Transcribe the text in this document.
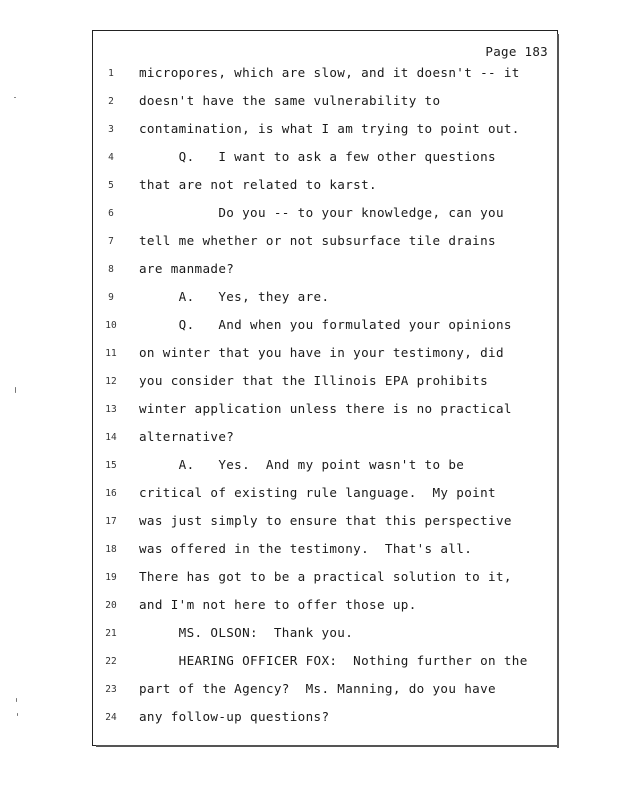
Page 183
1	micropores, which are slow, and it doesn't -- it
2	doesn't have the same vulnerability to
3	contamination, is what I am trying to point out.
4	Q.   I want to ask a few other questions
5	that are not related to karst.
6	Do you -- to your knowledge, can you
7	tell me whether or not subsurface tile drains
8	are manmade?
9	A.   Yes, they are.
10	Q.   And when you formulated your opinions
11	on winter that you have in your testimony, did
12	you consider that the Illinois EPA prohibits
13	winter application unless there is no practical
14	alternative?
15	A.   Yes.  And my point wasn't to be
16	critical of existing rule language.  My point
17	was just simply to ensure that this perspective
18	was offered in the testimony.  That's all.
19	There has got to be a practical solution to it,
20	and I'm not here to offer those up.
21	MS. OLSON:  Thank you.
22	HEARING OFFICER FOX:  Nothing further on the
23	part of the Agency?  Ms. Manning, do you have
24	any follow-up questions?
